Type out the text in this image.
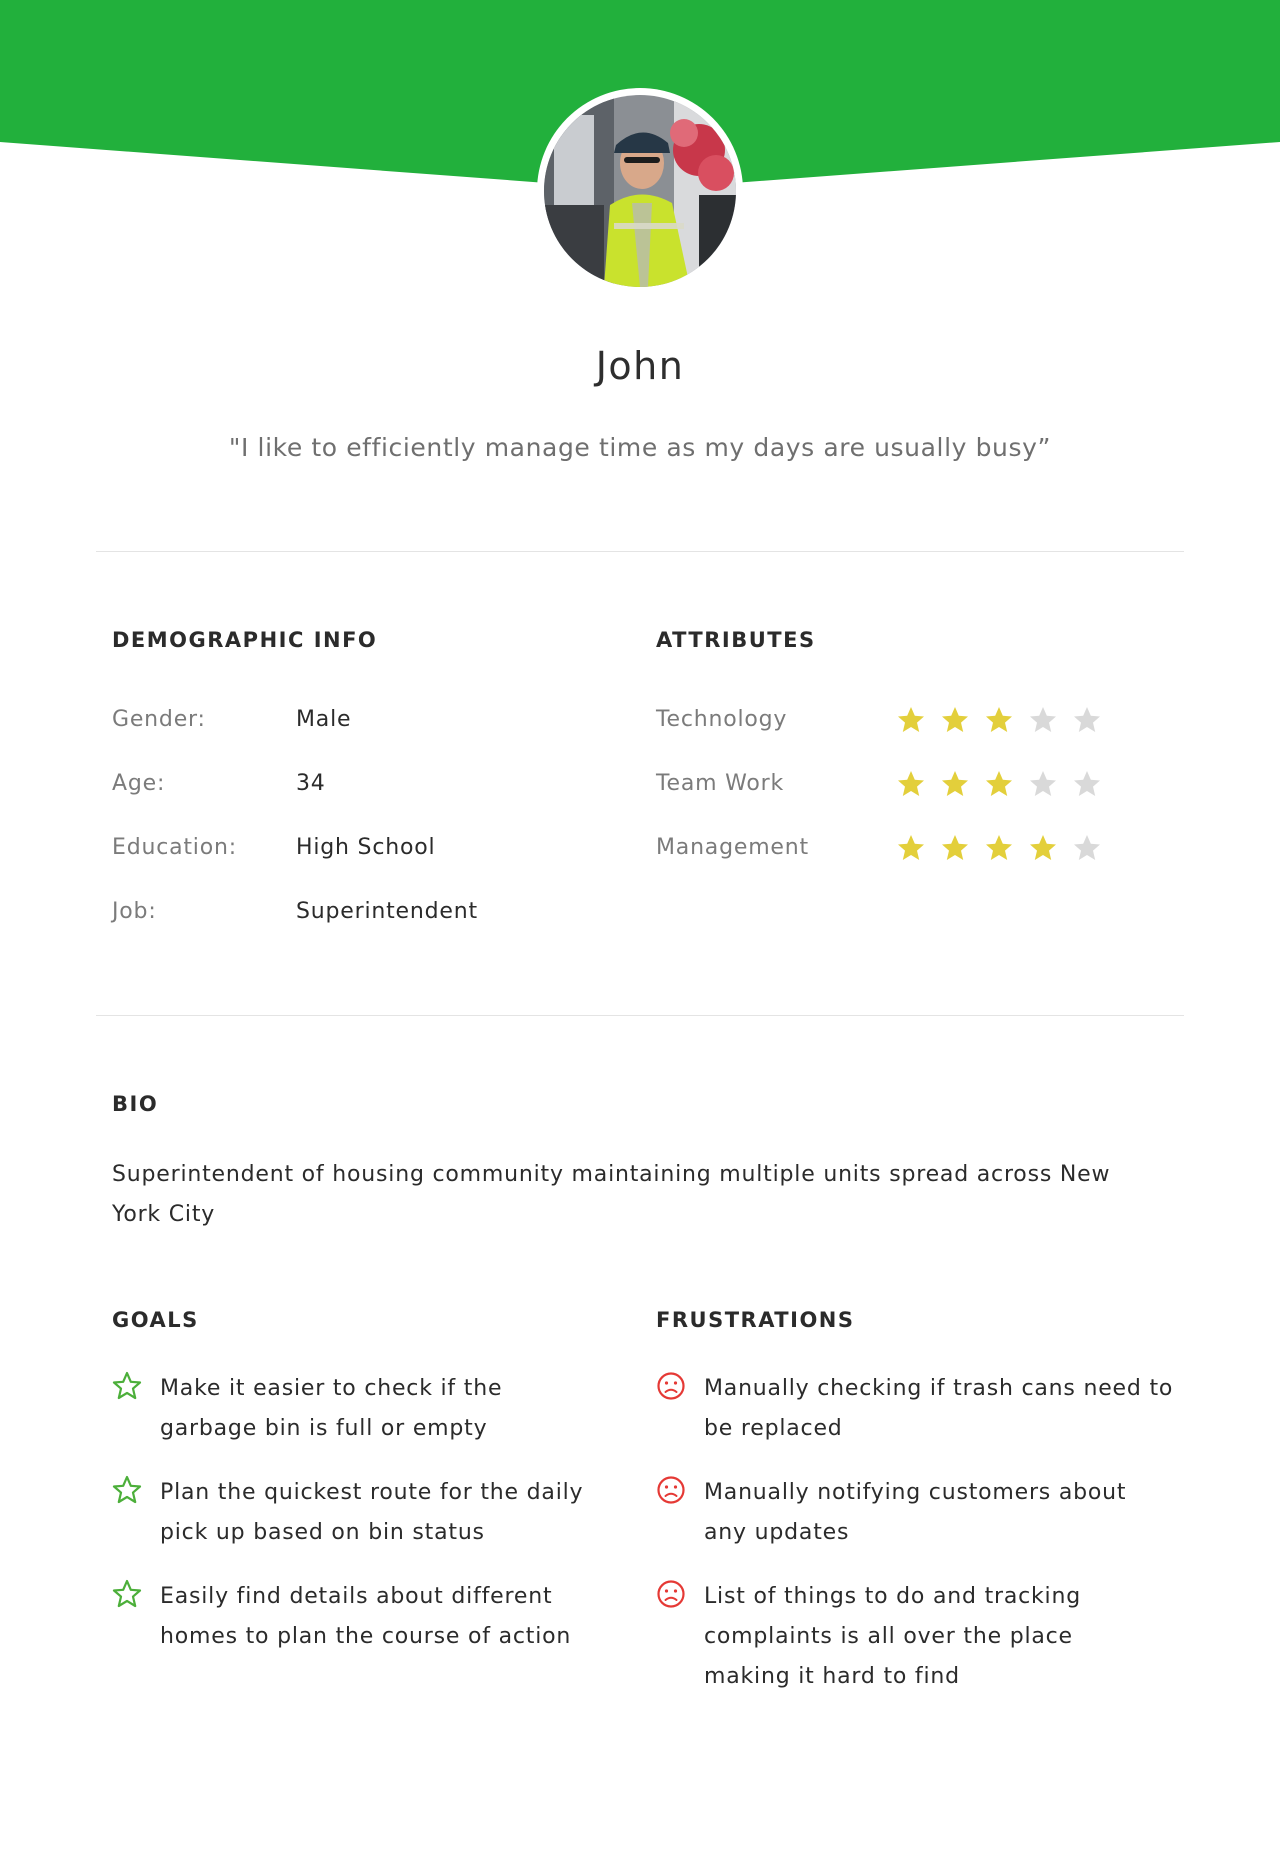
John
"I like to efficiently manage time as my days are usually busy”
DEMOGRAPHIC INFO
Gender:	Male
Age:	34
Education:	High School
Job:	Superintendent
ATTRIBUTES
Technology
Team Work
Management
BIO
Superintendent of housing community maintaining multiple units spread across New York City
GOALS
Make it easier to check if the
garbage bin is full or empty
Plan the quickest route for the daily
pick up based on bin status
Easily find details about different
homes to plan the course of action
FRUSTRATIONS
Manually checking if trash cans need to
be replaced
Manually notifying customers about
any updates
List of things to do and tracking
complaints is all over the place
making it hard to find
